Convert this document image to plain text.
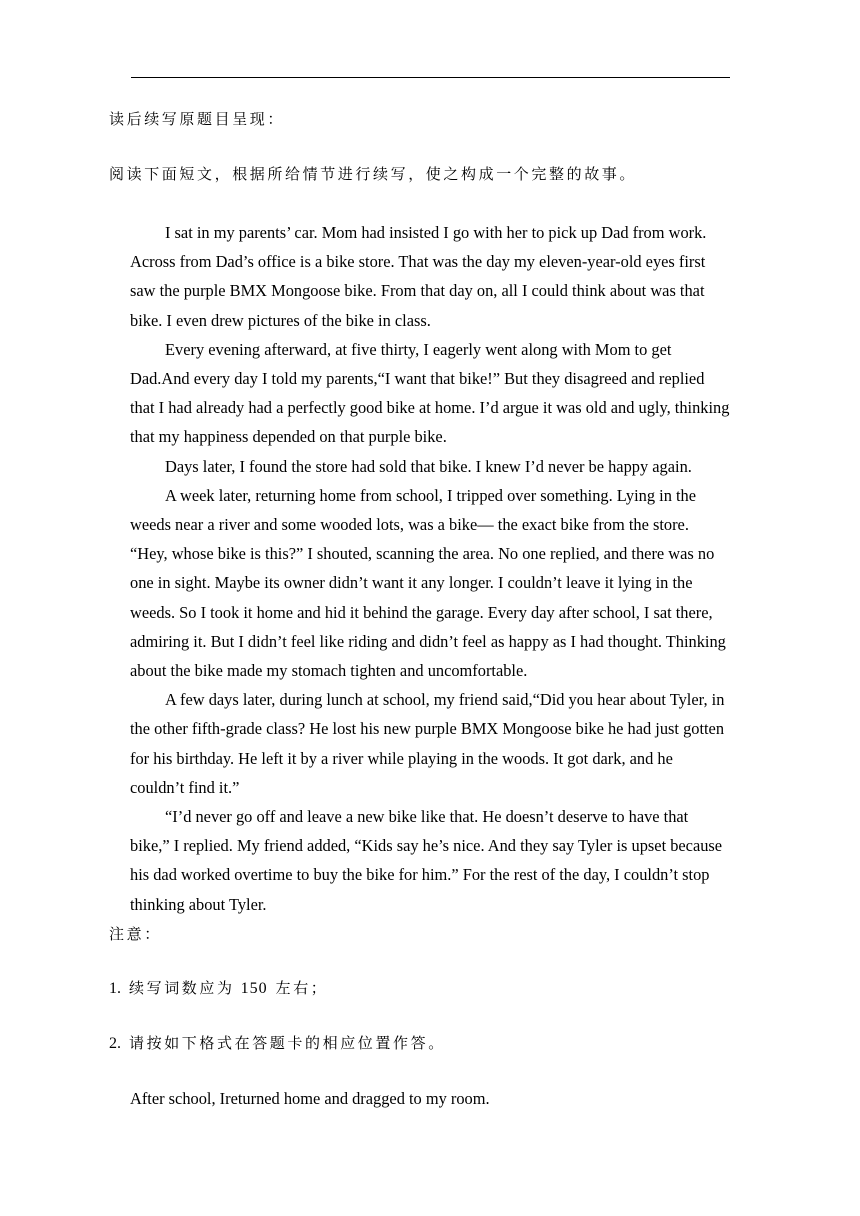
读后续写原题目呈现：
阅读下面短文，根据所给情节进行续写，使之构成一个完整的故事。

I sat in my parents’ car. Mom had insisted I go with her to pick up Dad from work. Across from Dad’s office is a bike store. That was the day my eleven-year-old eyes first saw the purple BMX Mongoose bike. From that day on, all I could think about was that bike. I even drew pictures of the bike in class.

Every evening afterward, at five thirty, I eagerly went along with Mom to get Dad.And every day I told my parents,“I want that bike!” But they disagreed and replied that I had already had a perfectly good bike at home. I’d argue it was old and ugly, thinking that my happiness depended on that purple bike.

Days later, I found the store had sold that bike. I knew I’d never be happy again.

A week later, returning home from school, I tripped over something. Lying in the weeds near a river and some wooded lots, was a bike— the exact bike from the store. “Hey, whose bike is this?” I shouted, scanning the area. No one replied, and there was no one in sight. Maybe its owner didn’t want it any longer. I couldn’t leave it lying in the weeds. So I took it home and hid it behind the garage. Every day after school, I sat there, admiring it. But I didn’t feel like riding and didn’t feel as happy as I had thought. Thinking about the bike made my stomach tighten and uncomfortable.

A few days later, during lunch at school, my friend said,“Did you hear about Tyler, in the other fifth-grade class? He lost his new purple BMX Mongoose bike he had just gotten for his birthday. He left it by a river while playing in the woods. It got dark, and he couldn’t find it.”

“I’d never go off and leave a new bike like that. He doesn’t deserve to have that bike,” I replied. My friend added, “Kids say he’s nice. And they say Tyler is upset because his dad worked overtime to buy the bike for him.” For the rest of the day, I couldn’t stop thinking about Tyler.

注意：
1. 续写词数应为 150 左右；
2. 请按如下格式在答题卡的相应位置作答。
After school, Ireturned home and dragged to my room.
